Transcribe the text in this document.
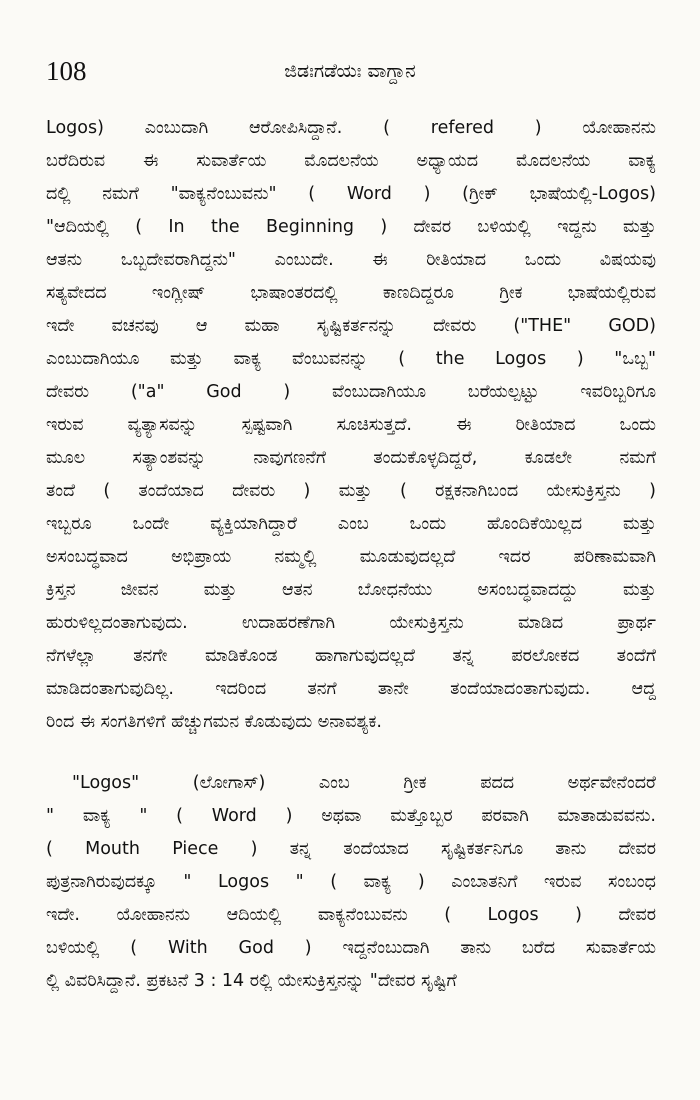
108	ಜಿಡಃಗಡೆಯಃ ವಾಗ್ದಾನ
Logos) ಎಂಬುದಾಗಿ ಆರೋಪಿಸಿದ್ದಾನೆ. ( refered ) ಯೋಹಾನನು
ಬರೆದಿರುವ ಈ ಸುವಾರ್ತೆಯ ಮೊದಲನೆಯ ಅಧ್ಯಾಯದ ಮೊದಲನೆಯ ವಾಕ್ಯ
ದಲ್ಲಿ ನಮಗೆ "ವಾಕ್ಯನೆಂಬುವನು" ( Word ) (ಗ್ರೀಕ್ ಭಾಷೆಯಲ್ಲಿ-Logos)
"ಆದಿಯಲ್ಲಿ ( In the Beginning ) ದೇವರ ಬಳಿಯಲ್ಲಿ ಇದ್ದನು ಮತ್ತು
ಆತನು ಒಬ್ಬದೇವರಾಗಿದ್ದನು" ಎಂಬುದೇ. ಈ ರೀತಿಯಾದ ಒಂದು ವಿಷಯವು
ಸತ್ಯವೇದದ ಇಂಗ್ಲೀಷ್ ಭಾಷಾಂತರದಲ್ಲಿ ಕಾಣದಿದ್ದರೂ ಗ್ರೀಕ ಭಾಷೆಯಲ್ಲಿರುವ
ಇದೇ ವಚನವು ಆ ಮಹಾ ಸೃಷ್ಟಿಕರ್ತನನ್ನು ದೇವರು ("THE" GOD)
ಎಂಬುದಾಗಿಯೂ ಮತ್ತು ವಾಕ್ಯ ವೆಂಬುವನನ್ನು ( the Logos ) "ಒಬ್ಬ"
ದೇವರು ("a" God ) ವೆಂಬುದಾಗಿಯೂ ಬರೆಯಲ್ಪಟ್ಟು ಇವರಿಬ್ಬರಿಗೂ
ಇರುವ ವ್ಯತ್ಯಾಸವನ್ನು ಸ್ಪಷ್ಟವಾಗಿ ಸೂಚಿಸುತ್ತದೆ. ಈ ರೀತಿಯಾದ ಒಂದು
ಮೂಲ ಸತ್ಯಾಂಶವನ್ನು ನಾವುಗಣನೆಗೆ ತಂದುಕೊಳ್ಳದಿದ್ದರೆ, ಕೂಡಲೇ ನಮಗೆ
ತಂದೆ ( ತಂದೆಯಾದ ದೇವರು ) ಮತ್ತು ( ರಕ್ಷಕನಾಗಿಬಂದ ಯೇಸುಕ್ರಿಸ್ತನು )
ಇಬ್ಬರೂ ಒಂದೇ ವ್ಯಕ್ತಿಯಾಗಿದ್ದಾರೆ ಎಂಬ ಒಂದು ಹೊಂದಿಕೆಯಿಲ್ಲದ ಮತ್ತು
ಅಸಂಬದ್ಧವಾದ ಅಭಿಪ್ರಾಯ ನಮ್ಮಲ್ಲಿ ಮೂಡುವುದಲ್ಲದೆ ಇದರ ಪರಿಣಾಮವಾಗಿ
ಕ್ರಿಸ್ತನ ಜೀವನ ಮತ್ತು ಆತನ ಬೋಧನೆಯು ಅಸಂಬದ್ಧವಾದದ್ದು ಮತ್ತು
ಹುರುಳಿಲ್ಲದಂತಾಗುವುದು. ಉದಾಹರಣೆಗಾಗಿ ಯೇಸುಕ್ರಿಸ್ತನು ಮಾಡಿದ ಪ್ರಾರ್ಥ
ನೆಗಳೆಲ್ಲಾ ತನಗೇ ಮಾಡಿಕೊಂಡ ಹಾಗಾಗುವುದಲ್ಲದೆ ತನ್ನ ಪರಲೋಕದ ತಂದೆಗೆ
ಮಾಡಿದಂತಾಗುವುದಿಲ್ಲ. ಇದರಿಂದ ತನಗೆ ತಾನೇ ತಂದೆಯಾದಂತಾಗುವುದು. ಆದ್ದ
ರಿಂದ ಈ ಸಂಗತಿಗಳಿಗೆ ಹೆಚ್ಚುಗಮನ ಕೊಡುವುದು ಅನಾವಶ್ಯಕ.
"Logos" (ಲೋಗಾಸ್) ಎಂಬ ಗ್ರೀಕ ಪದದ ಅರ್ಥವೇನೆಂದರೆ
" ವಾಕ್ಯ " ( Word ) ಅಥವಾ ಮತ್ತೊಬ್ಬರ ಪರವಾಗಿ ಮಾತಾಡುವವನು.
( Mouth Piece ) ತನ್ನ ತಂದೆಯಾದ ಸೃಷ್ಟಿಕರ್ತನಿಗೂ ತಾನು ದೇವರ
ಪುತ್ರನಾಗಿರುವುದಕ್ಕೂ " Logos " ( ವಾಕ್ಯ ) ಎಂಬಾತನಿಗೆ ಇರುವ ಸಂಬಂಧ
ಇದೇ. ಯೋಹಾನನು ಆದಿಯಲ್ಲಿ ವಾಕ್ಯನೆಂಬುವನು ( Logos ) ದೇವರ
ಬಳಿಯಲ್ಲಿ ( With God ) ಇದ್ದನೆಂಬುದಾಗಿ ತಾನು ಬರೆದ ಸುವಾರ್ತೆಯ
ಲ್ಲಿ ವಿವರಿಸಿದ್ದಾನೆ. ಪ್ರಕಟನೆ 3 : 14 ರಲ್ಲಿ ಯೇಸುಕ್ರಿಸ್ತನನ್ನು "ದೇವರ ಸೃಷ್ಟಿಗೆ
